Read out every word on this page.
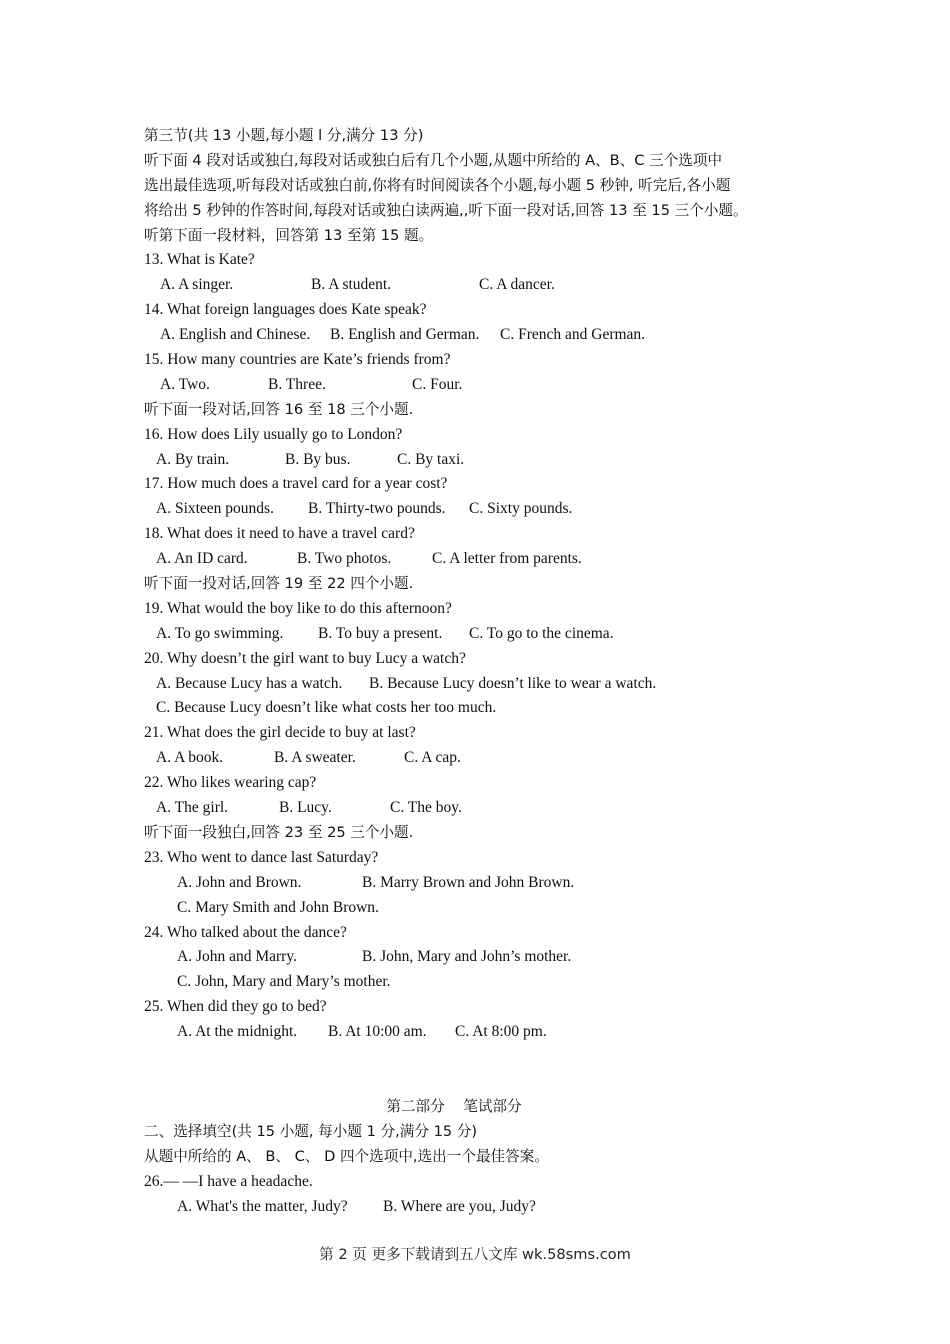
第三节(共 13 小题,每小题 l 分,满分 13 分)
听下面 4 段对话或独白,每段对话或独白后有几个小题,从题中所给的 A、B、C 三个选项中
选出最佳选项,听每段对话或独白前,你将有时间阅读各个小题,每小题 5 秒钟, 听完后,各小题
将给出 5 秒钟的作答时间,每段对话或独白读两遍,,听下面一段对话,回答 13 至 15 三个小题。
听第下面一段材料，回答第 13 至第 15 题。
13. What is Kate?
A. A singer.	B. A student.	C. A dancer.
14. What foreign languages does Kate speak?
A. English and Chinese. B. English and German. C. French and German.
15. How many countries are Kate’s friends from?
A. Two.	B. Three.	C. Four.
听下面一段对话,回答 16 至 18 三个小题.
16. How does Lily usually go to London?
A. By train.	B. By bus.	C. By taxi.
17. How much does a travel card for a year cost?
A. Sixteen pounds. B. Thirty-two pounds. C. Sixty pounds.
18. What does it need to have a travel card?
A. An ID card.	B. Two photos.	C. A letter from parents.
听下面一投对话,回答 19 至 22 四个小题.
19. What would the boy like to do this afternoon?
A. To go swimming. B. To buy a present. C. To go to the cinema.
20. Why doesn’t the girl want to buy Lucy a watch?
A. Because Lucy has a watch. B. Because Lucy doesn’t like to wear a watch.
C. Because Lucy doesn’t like what costs her too much.
21. What does the girl decide to buy at last?
A. A book.	B. A sweater.	C. A cap.
22. Who likes wearing cap?
A. The girl.	B. Lucy.	C. The boy.
听下面一段独白,回答 23 至 25 三个小题.
23. Who went to dance last Saturday?
A. John and Brown.	B. Marry Brown and John Brown.
C. Mary Smith and John Brown.
24. Who talked about the dance?
A. John and Marry.	B. John, Mary and John’s mother.
C. John, Mary and Mary’s mother.
25. When did they go to bed?
A. At the midnight. B. At 10:00 am. C. At 8:00 pm.
第二部分    笔试部分
二、选择填空(共 15 小题, 每小题 1 分,满分 15 分)
从题中所给的 A、 B、 C、 D 四个选项中,选出一个最佳答案。
26.— —I have a headache.
A. What's the matter, Judy? B. Where are you, Judy?
第 2 页 更多下载请到五八文库 wk.58sms.com
